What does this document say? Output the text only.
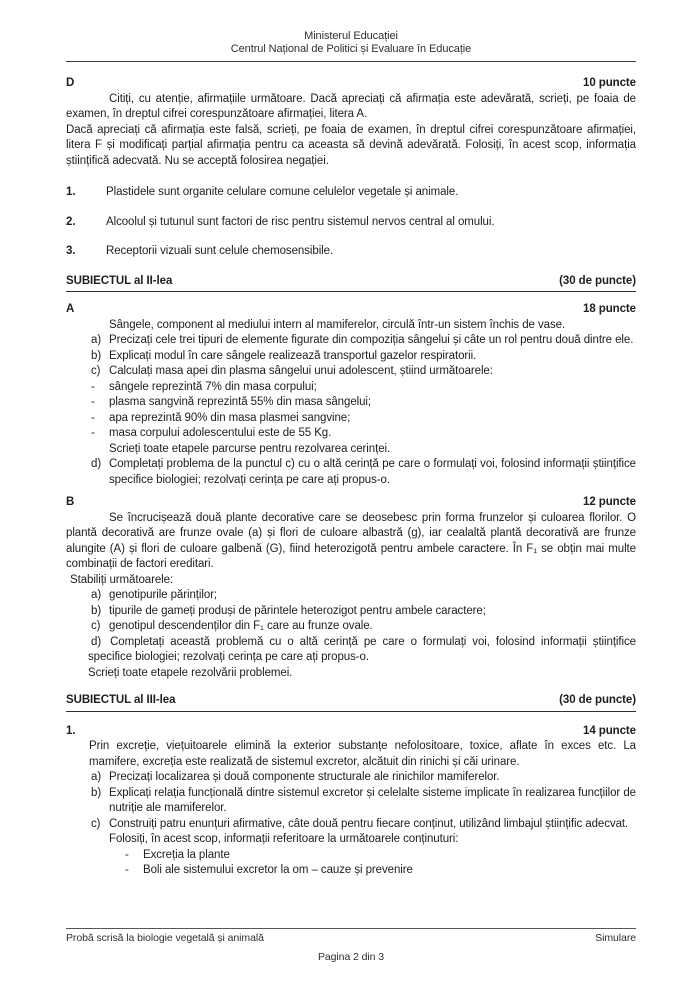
Ministerul Educației
Centrul Național de Politici și Evaluare în Educație
D	10 puncte

Citiți, cu atenție, afirmațiile următoare. Dacă apreciați că afirmația este adevărată, scrieți, pe foaia de examen, în dreptul cifrei corespunzătoare afirmației, litera A.

Dacă apreciați că afirmația este falsă, scrieți, pe foaia de examen, în dreptul cifrei corespunzătoare afirmației, litera F și modificați parțial afirmația pentru ca aceasta să devină adevărată. Folosiți, în acest scop, informația științifică adecvată. Nu se acceptă folosirea negației.

1.	Plastidele sunt organite celulare comune celulelor vegetale și animale.
2.	Alcoolul și tutunul sunt factori de risc pentru sistemul nervos central al omului.
3.	Receptorii vizuali sunt celule chemosensibile.
SUBIECTUL al II-lea	(30 de puncte)
A	18 puncte

Sângele, component al mediului intern al mamiferelor, circulă într-un sistem închis de vase.

a) Precizați cele trei tipuri de elemente figurate din compoziția sângelui și câte un rol pentru două dintre ele.
b) Explicați modul în care sângele realizează transportul gazelor respiratorii.
c) Calculați masa apei din plasma sângelui unui adolescent, știind următoarele:
-	sângele reprezintă 7% din masa corpului;
-	plasma sangvină reprezintă 55% din masa sângelui;
-	apa reprezintă 90% din masa plasmei sangvine;
-	masa corpului adolescentului este de 55 Kg.

Scrieți toate etapele parcurse pentru rezolvarea cerinței.

d) Completați problema de la punctul c) cu o altă cerință pe care o formulați voi, folosind informații științifice specifice biologiei; rezolvați cerința pe care ați propus-o.
B	12 puncte

Se încrucișează două plante decorative care se deosebesc prin forma frunzelor și culoarea florilor. O plantă decorativă are frunze ovale (a) și flori de culoare albastră (g), iar cealaltă plantă decorativă are frunze alungite (A) și flori de culoare galbenă (G), fiind heterozigotă pentru ambele caractere. În F₁ se obțin mai multe combinații de factori ereditari.

Stabiliți următoarele:

a) genotipurile părinților;
b) tipurile de gameți produși de părintele heterozigot pentru ambele caractere;
c) genotipul descendenților din F₁ care au frunze ovale.

d) Completați această problemă cu o altă cerință pe care o formulați voi, folosind informații științifice specifice biologiei; rezolvați cerința pe care ați propus-o.

Scrieți toate etapele rezolvării problemei.

SUBIECTUL al III-lea	(30 de puncte)
1.	14 puncte

Prin excreție, viețuitoarele elimină la exterior substanțe nefolositoare, toxice, aflate în exces etc. La mamifere, excreția este realizată de sistemul excretor, alcătuit din rinichi și căi urinare.

a) Precizați localizarea și două componente structurale ale rinichilor mamiferelor.
b) Explicați relația funcțională dintre sistemul excretor și celelalte sisteme implicate în realizarea funcțiilor de nutriție ale mamiferelor.
c) Construiți patru enunțuri afirmative, câte două pentru fiecare conținut, utilizând limbajul științific adecvat.

Folosiți, în acest scop, informații referitoare la următoarele conținuturi:

-	Excreția la plante
-	Boli ale sistemului excretor la om – cauze și prevenire
Probă scrisă la biologie vegetală și animală	Simulare
Pagina 2 din 3
